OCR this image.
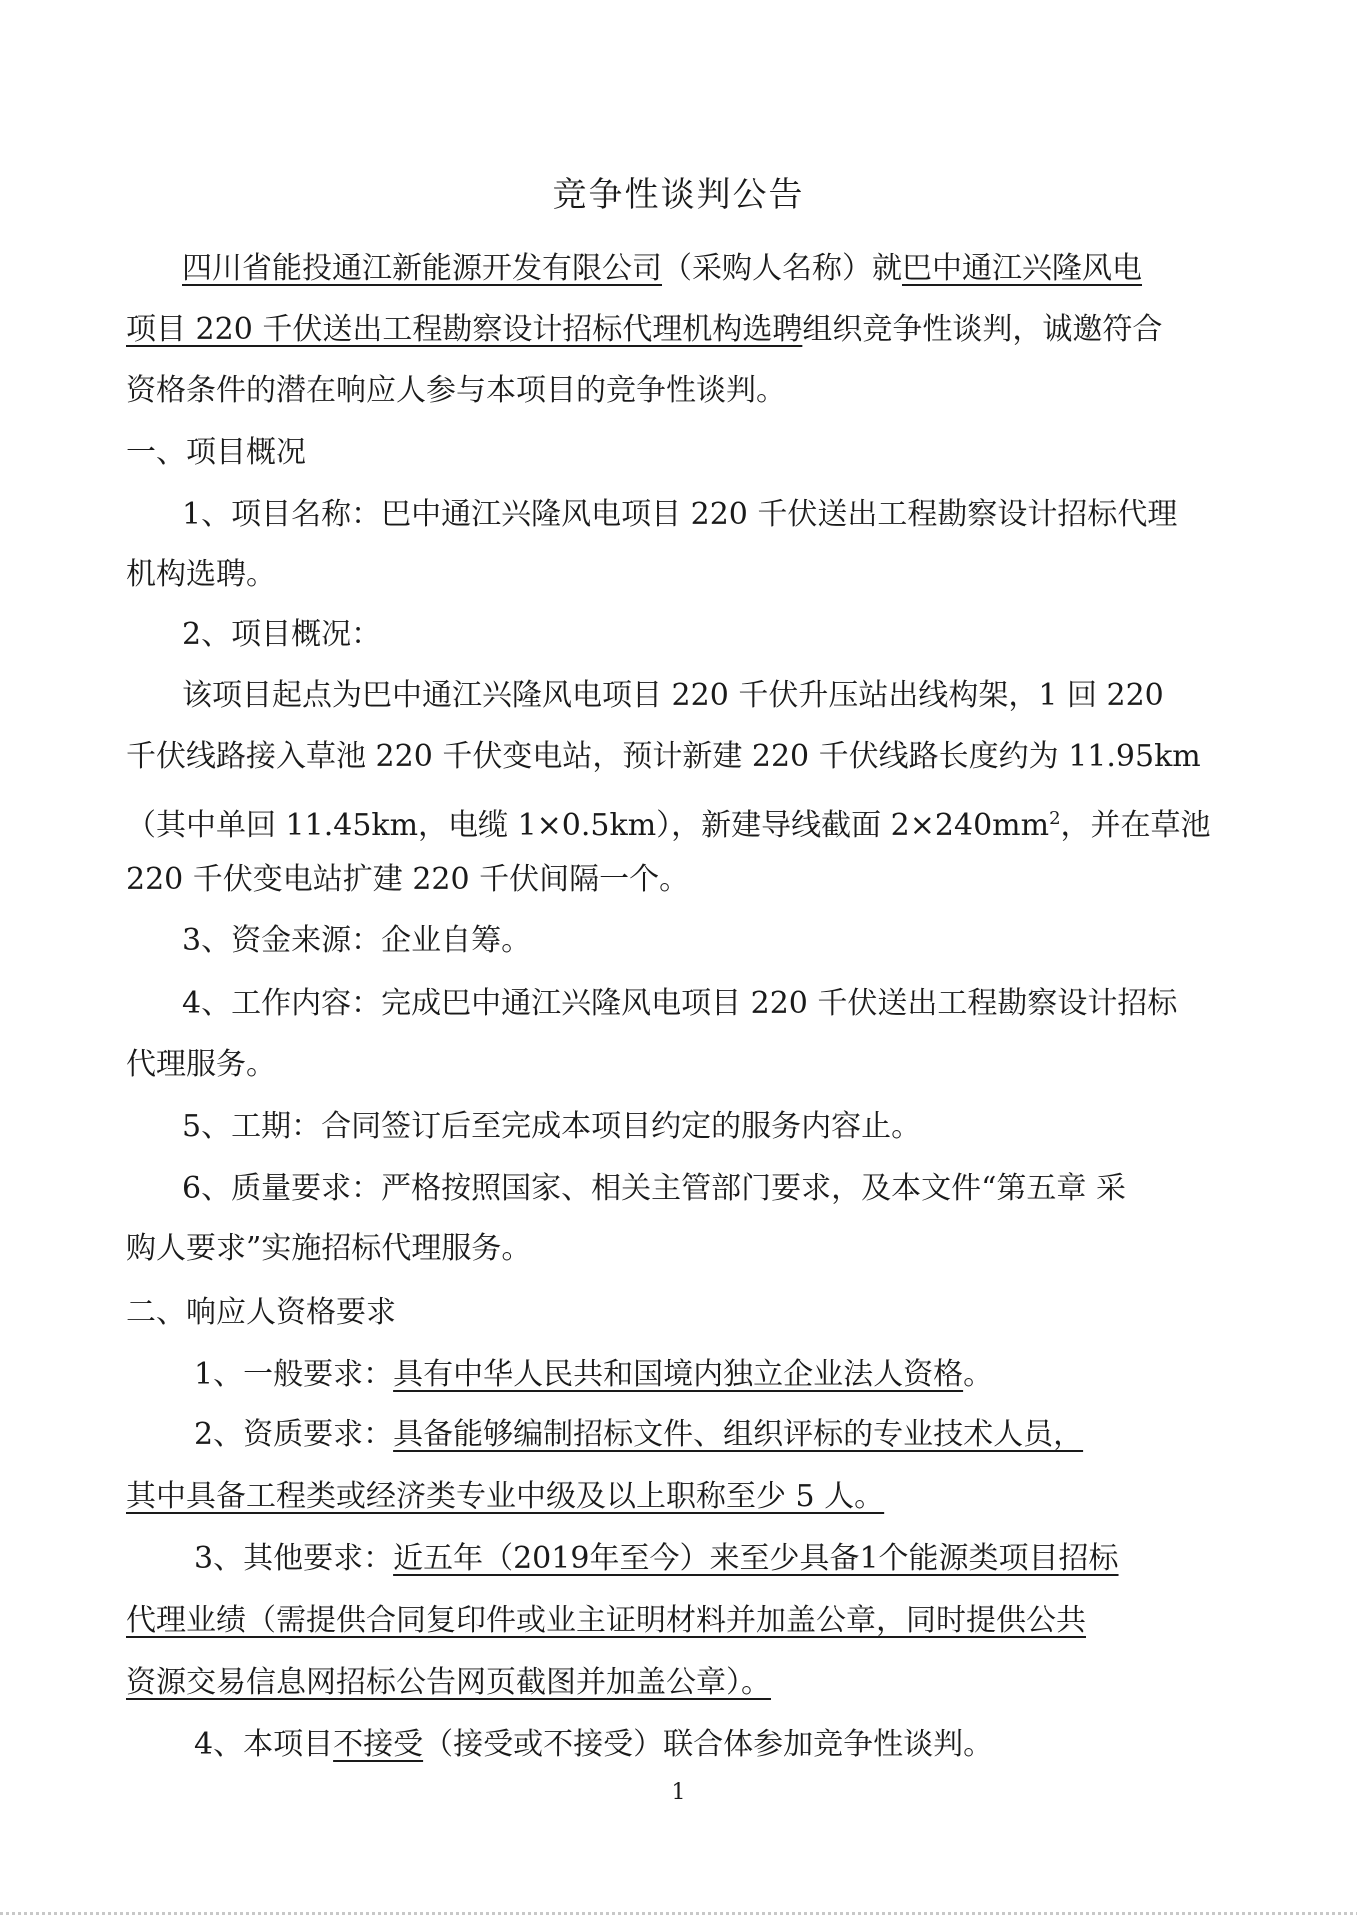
竞争性谈判公告
四川省能投通江新能源开发有限公司（采购人名称）就巴中通江兴隆风电
项目 220 千伏送出工程勘察设计招标代理机构选聘组织竞争性谈判，诚邀符合
资格条件的潜在响应人参与本项目的竞争性谈判。
一、项目概况
1、项目名称：巴中通江兴隆风电项目 220 千伏送出工程勘察设计招标代理
机构选聘。
2、项目概况：
该项目起点为巴中通江兴隆风电项目 220 千伏升压站出线构架，1 回 220
千伏线路接入草池 220 千伏变电站，预计新建 220 千伏线路长度约为 11.95km
（其中单回 11.45km，电缆 1×0.5km），新建导线截面 $2\times 240mm^2$，并在草池
220 千伏变电站扩建 220 千伏间隔一个。
3、资金来源：企业自筹。
4、工作内容：完成巴中通江兴隆风电项目 220 千伏送出工程勘察设计招标
代理服务。
5、工期：合同签订后至完成本项目约定的服务内容止。
6、质量要求：严格按照国家、相关主管部门要求，及本文件“第五章 采
购人要求”实施招标代理服务。
二、响应人资格要求
1、一般要求：具有中华人民共和国境内独立企业法人资格。
2、资质要求：具备能够编制招标文件、组织评标的专业技术人员，
其中具备工程类或经济类专业中级及以上职称至少 5 人。
3、其他要求：近五年（2019年至今）来至少具备1个能源类项目招标
代理业绩（需提供合同复印件或业主证明材料并加盖公章，同时提供公共
资源交易信息网招标公告网页截图并加盖公章）。
4、本项目不接受（接受或不接受）联合体参加竞争性谈判。
1
